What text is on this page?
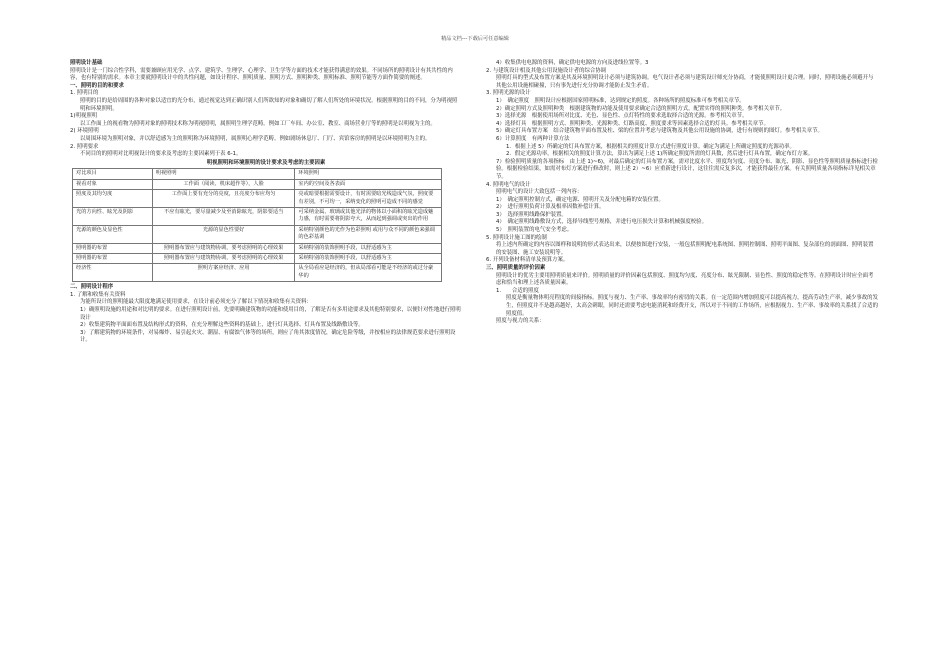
精品文档---下载后可任意编辑
照明设计基础
照明设计是一门综合性学科，需要兼顾应用光学、点学、建筑学、生理学、心理学、卫生学等方面的技术才能获得满意的效果。不同场所的照明设计有其共性的内容，也有特别的需求。本章主要就照明设计中的共性问题，如设计程序、照明质量、照明方式、照明种类、照明标准、照明节能等方面作简要的阐述。
一、照明的目的和要求
1. 照明目的
照明的目的是给周围的各种对象以适宜的光分布，通过视觉达到正确识别人们所欲知的对象和确切了解人们所处的环境状况。根据照明的目的不同，分为明视照明和环境照明。
1)明视照明
以工作面上的视看物为照明对象的照明技术称为明视照明，属照明生理学范畴。例如工厂车间、办公室、教室、商场营业厅等的照明是以明视为主的。
2) 环境照明
以周围环境为照明对象，并以舒适感为主的照明称为环境照明，属照明心理学范畴。例如剧场休息厅、门厅、宾馆客房的照明是以环境照明为主的。
2. 照明要求
不同目的的照明对比明视设计的要求及考虑的主要因素列于表 6-1。
明视照明和环境照明的设计要求及考虑的主要因素
对比项目	明视照明	环境照明
视看对象	工作面（阅读、机床超作等），人脸	室内的空间及各表面
照度及其均匀度	工作面上要有充分的亮度，且亮度分布应均匀	亮或暗要根据需要设计，有时需要暗光线造成气氛，照度要有差别，不可均一，采纳变化的照明可造成不同的感觉
光的方向性、眩光及阴影	不应有眩光，要尽量减少及至消除眩光，阴影要适当	可采纳金属、玻璃或其他光泽的物体以小面积的眩光造成魅力感，有时需要将阴影夸大，从而起到强调或突出的作用
光源的颜色及显色性	光源的显色性要好	采纳特别颜色的光作为色彩照明 或用与众不同的颜色来强调的色彩基调
照明器的布置	照明器布置应与建筑物协调，要考虑照明的心理效果	采纳特别的装饰照明手段，以舒适感为主
照明器的布置	照明器布置应与建筑物协调，要考虑照明的心理效果	采纳特别的装饰照明手段，以舒适感为主
经济性	照明方案应经济、应用	从全局看应是经济的，但从局部看可能是不经济的或过分豪华的
二、照明设计程序
1. 了解和收集有关资料
为能所设计的照明能最大限度地满足使用要求，在设计前必须充分了解以下情况和收集有关资料：
1）确照明设施的用途和对比明的要求。在进行照明设计前，先要明确建筑物的功能和使用目的，了解是否有多用途要求及其他特别要求，以便针对性地进行照明设计
2）收集建筑物平面面布置及结构形式的资料，在充分理解这些资料的基础上，进行灯具选择、灯具布置及线路敷设等。
3）了解建筑物的环境条件，对易爆炸、易引起火灾、潮湿、有腐蚀气体等的场所，则应了角其浓度情况，确定危险等级，并按相应的法律规范要求进行照明设计。
4）收集供电电源的资料，确定供电电源的方向及进线位置等。3
2. 与建筑设计相及其他公用设施设计者的综合协调
照明灯具的型式及布置方案是其及环境照明设计必须与建筑协调。电气设计者必须与建筑设计师充分协商，才能使照明设计更合理。同时，照明设施必须避开与其他公用设施相碰撞，只有事先进行充分协调才能防止发生矛盾。
3. 照明光源的设计
1）　确定照度　照明设计应根据国家照明标准，达到规定的照度。各种场所的照度标准可参考相关章节。
2）确定照明方式及照明种类　根据建筑物的功能及使用要求确定合适的照明方式，配置实得的照明种类。参考相关章节。
3）选择光源　根据使用场所对比度、光色、显色性、点灯特性的要求选取择合适的光源。参考相关章节。
4）选择灯具　根据照明方式、照明种类、光源种类、灯路高度、照度要求等因素选择合适的灯具。参考相关章节。
5）确定灯具布置方案　结合建筑物平面布置及柱、梁的位置并考虑与建筑物及其他公用设施的协调，进行有规则的图灯。参考相关章节。
6）计算照度　有两种计算方法
1．根据上述 5）所确定的灯具布置方案，根据相关的照度计算方式进行照度计算。确定为满足上所确定照度的光源功率。
2．假定光源功率，根据相关的照度计算方法，算出为满足上述 1)所确定照度所需的灯具数，然后进行灯具布置，确定布灯方案。
7）检验照明质量的各项指标　由上述 1)~6)，对最后确定的灯具布置方案，需对比度水平、照度均匀度、亮度分布、眩光、阴影、显色性等照明质量指标进行检验。根据检验结果，如需对布灯方案进行修改时，则上述 2）~6）应重新进行设计，这往往需反复多次，才能获得最佳方案。有关照明质量各项指标详见相关章节。
4. 照明电气的设计
照明电气的设计大致包括一列内容：
1）　确定照明控制方式，确定电源、照明开关及分配电箱的安装位置。
2）　进行照明负荷计算及根率因数补偿计算。
3）　选择照明线路保护装置。
4）　确定照明线路敷设方式，选择导线型号规格，并进行电压损失计算和机械强度校验。
5）　照明装置的电气安全考虑。
5. 照明设计施工图的绘制
将上述内所确定的内容以图样和说明的形式表达出来，以便按图进行安装，一般包括照明配电系统图、照明控制图、照明平面图、复杂部位的剖面图、照明装置的安装图、施工安装说明等。
6. 开列设备材料清单及预算方案。
三、照明质量的评价因素
照明设计的优劣主要用照明质量来评价。照明质量的评价因素包括照度、照度均匀度、亮度分布、眩光限制、显色性、照度的稳定性等。在照明设计时应全面考虑和恰当和理上述各质量因素。
1.　　合适的照度
照度是衡量物体明亮程度的间接指标。照度与视力、生产率、事故率均有密切的关系。在一定范围内增加照度可以提高视力，提高劳动生产率，减少事故的发生，但照度并不是越高越好，太高会刺眼，同时还需要考虑电能消耗和经费开支，所以对于不同的工作场所，应根据视力、生产率、事故率的关系找了合适的照度值。
照度与视力的关系：
